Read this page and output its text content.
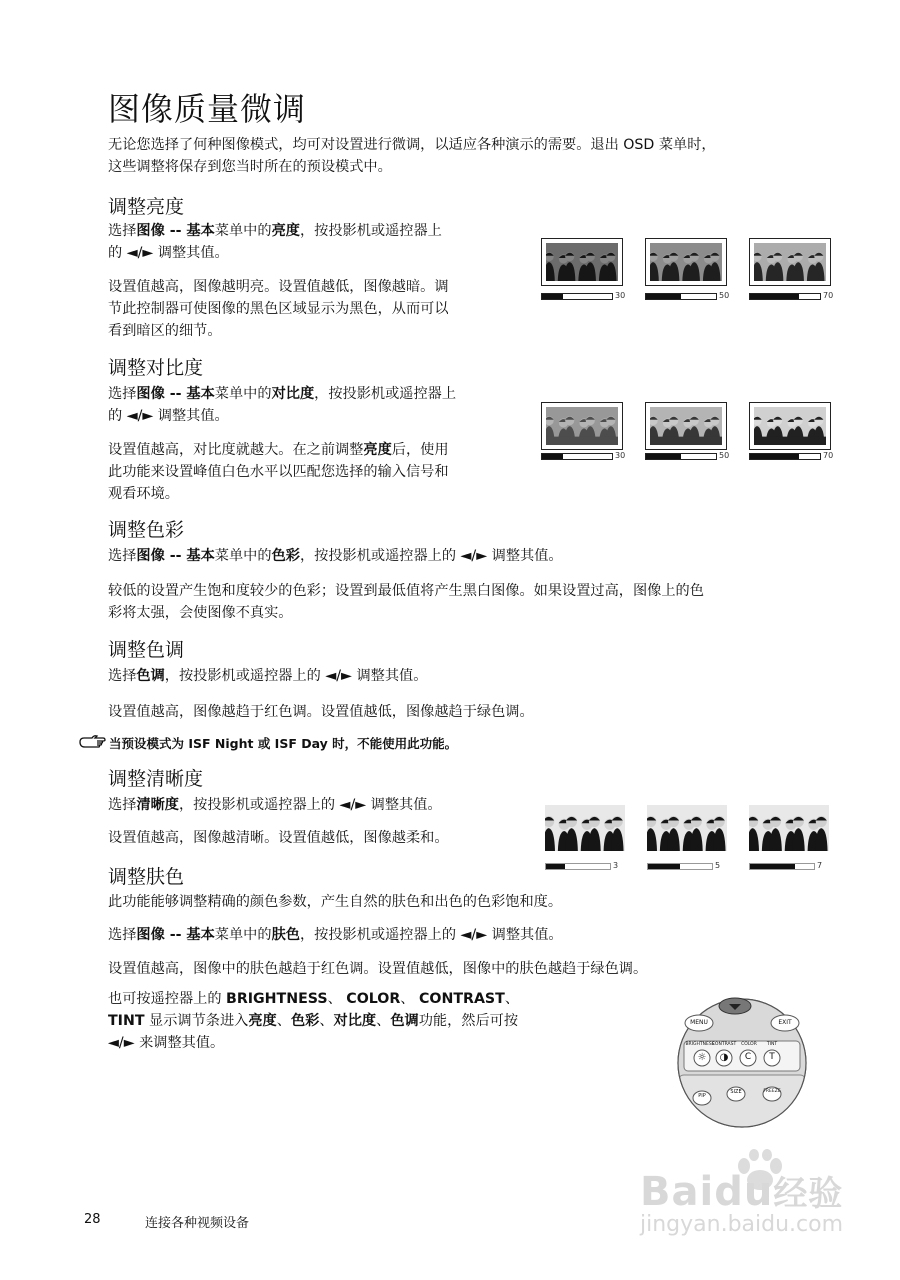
图像质量微调
无论您选择了何种图像模式，均可对设置进行微调，以适应各种演示的需要。退出 OSD 菜单时，
这些调整将保存到您当时所在的预设模式中。
调整亮度
选择图像 -- 基本菜单中的亮度，按投影机或遥控器上
的 ◄/► 调整其值。
设置值越高，图像越明亮。设置值越低，图像越暗。调
节此控制器可使图像的黑色区域显示为黑色，从而可以
看到暗区的细节。
30	50	70
调整对比度
选择图像 -- 基本菜单中的对比度，按投影机或遥控器上
的 ◄/► 调整其值。
设置值越高，对比度就越大。在之前调整亮度后，使用
此功能来设置峰值白色水平以匹配您选择的输入信号和
观看环境。
30	50	70
调整色彩
选择图像 -- 基本菜单中的色彩，按投影机或遥控器上的 ◄/► 调整其值。
较低的设置产生饱和度较少的色彩；设置到最低值将产生黑白图像。如果设置过高，图像上的色
彩将太强，会使图像不真实。
调整色调
选择色调，按投影机或遥控器上的 ◄/► 调整其值。
设置值越高，图像越趋于红色调。设置值越低，图像越趋于绿色调。
当预设模式为 ISF Night 或 ISF Day 时，不能使用此功能。
调整清晰度
选择清晰度，按投影机或遥控器上的 ◄/► 调整其值。
设置值越高，图像越清晰。设置值越低，图像越柔和。
3	5	7
调整肤色
此功能能够调整精确的颜色参数，产生自然的肤色和出色的色彩饱和度。
选择图像 -- 基本菜单中的肤色，按投影机或遥控器上的 ◄/► 调整其值。
设置值越高，图像中的肤色越趋于红色调。设置值越低，图像中的肤色越趋于绿色调。
也可按遥控器上的 BRIGHTNESS、 COLOR、 CONTRAST、
TINT 显示调节条进入亮度、色彩、对比度、色调功能，然后可按
◄/► 来调整其值。
MENU	EXIT
BRIGHTNESS
CONTRAST	COLOR	TINT
☼ ◑	C	T
PIP
SIZE	FREEZE
28	连接各种视频设备
Baidu经验
jingyan.baidu.com
